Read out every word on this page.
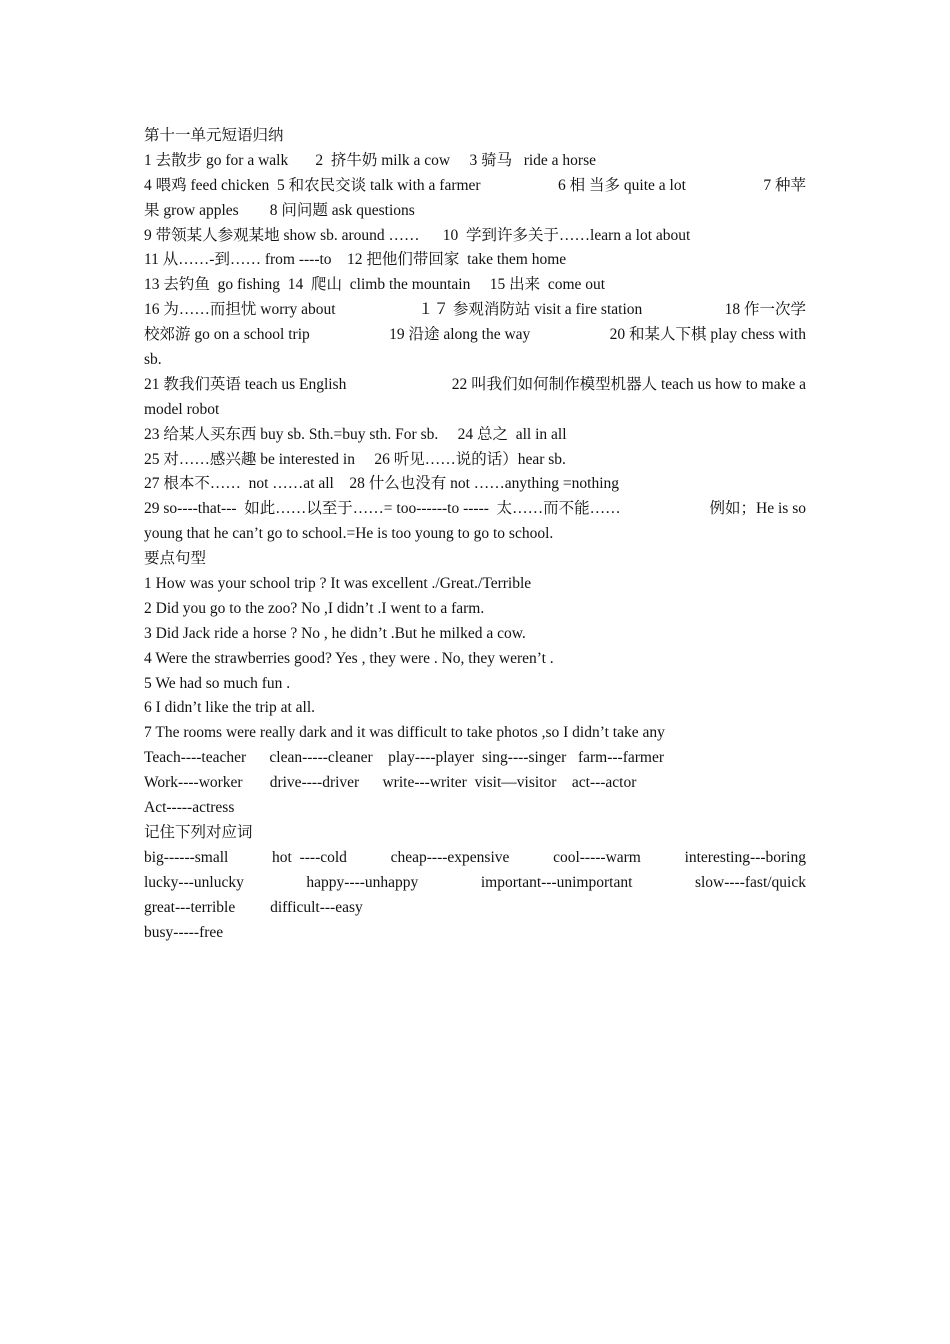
第十一单元短语归纳
1 去散步 go for a walk       2  挤牛奶 milk a cow     3 骑马   ride a horse
4 喂鸡 feed chicken  5 和农民交谈 talk with a farmer	6 相 当多 quite a lot	7 种苹
果 grow apples        8 问问题 ask questions
9 带领某人参观某地 show sb. around ……      10  学到许多关于……learn a lot about
11 从……-到…… from ----to    12 把他们带回家  take them home
13 去钓鱼  go fishing  14  爬山  climb the mountain     15 出来  come out
16 为……而担忧 worry about	１７ 参观消防站 visit a fire station	18 作一次学
校郊游 go on a school trip	19 沿途 along the way	20 和某人下棋 play chess with
sb.
21 教我们英语 teach us English	22 叫我们如何制作模型机器人 teach us how to make a
model robot
23 给某人买东西 buy sb. Sth.=buy sth. For sb.     24 总之  all in all
25 对……感兴趣 be interested in     26 听见……说的话）hear sb.
27 根本不……  not ……at all    28 什么也没有 not ……anything =nothing
29 so----that---  如此……以至于……= too------to -----  太……而不能……	例如；He is so
young that he can’t go to school.=He is too young to go to school.
要点句型
1 How was your school trip ? It was excellent ./Great./Terrible
2 Did you go to the zoo? No ,I didn’t .I went to a farm.
3 Did Jack ride a horse ? No , he didn’t .But he milked a cow.
4 Were the strawberries good? Yes , they were . No, they weren’t .
5 We had so much fun .
6 I didn’t like the trip at all.
7 The rooms were really dark and it was difficult to take photos ,so I didn’t take any
Teach----teacher      clean-----cleaner    play----player  sing----singer   farm---farmer
Work----worker       drive----driver      write---writer  visit—visitor    act---actor
Act-----actress
记住下列对应词
big------small	hot  ----cold	cheap----expensive	cool-----warm	interesting---boring
lucky---unlucky	happy----unhappy	important---unimportant	slow----fast/quick
great---terrible         difficult---easy
busy-----free
